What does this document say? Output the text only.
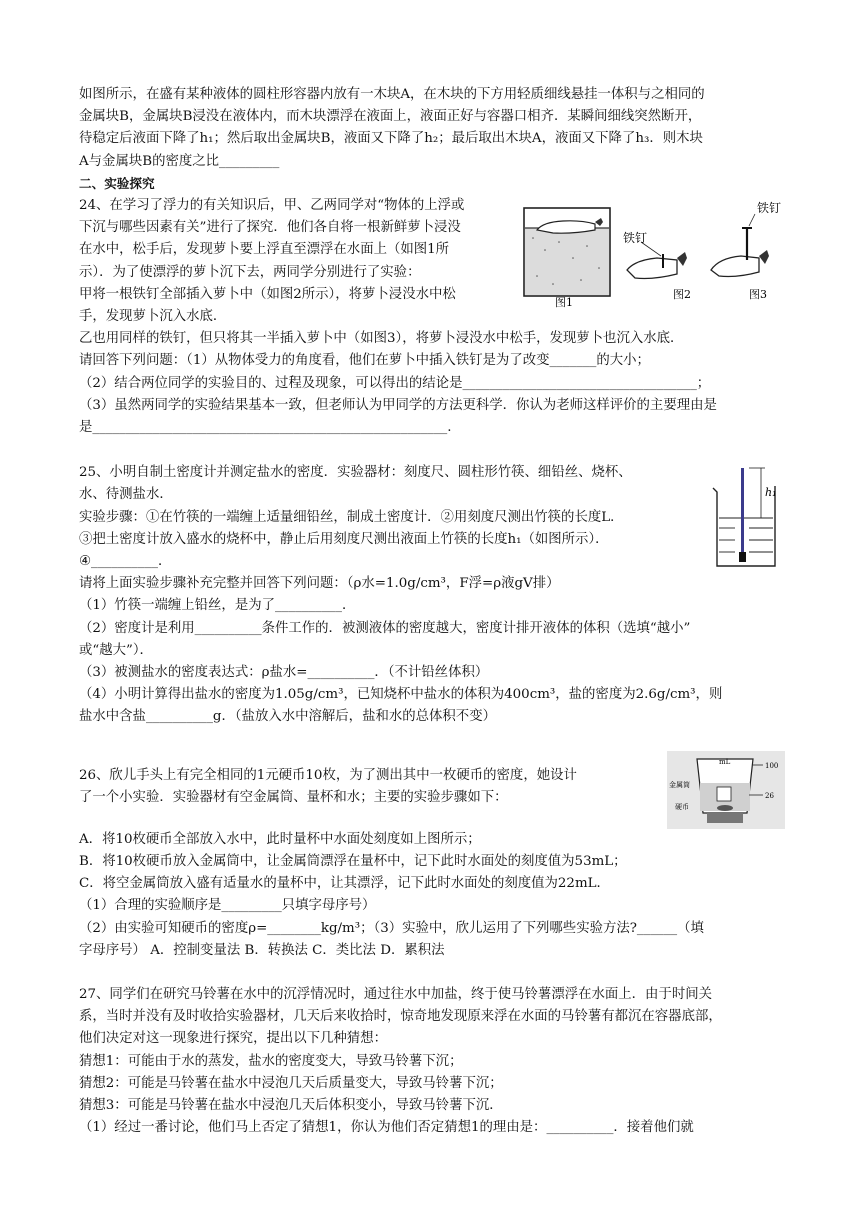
如图所示，在盛有某种液体的圆柱形容器内放有一木块A，在木块的下方用轻质细线悬挂一体积与之相同的

金属块B，金属块B浸没在液体内，而木块漂浮在液面上，液面正好与容器口相齐．某瞬间细线突然断开，

待稳定后液面下降了h₁；然后取出金属块B，液面又下降了h₂；最后取出木块A，液面又下降了h₃．则木块

A与金属块B的密度之比_________

二、实验探究

24、在学习了浮力的有关知识后，甲、乙两同学对“物体的上浮或

下沉与哪些因素有关”进行了探究．他们各自将一根新鲜萝卜浸没

在水中，松手后，发现萝卜要上浮直至漂浮在水面上（如图1所

示）．为了使漂浮的萝卜沉下去，两同学分别进行了实验：

甲将一根铁钉全部插入萝卜中（如图2所示），将萝卜浸没水中松

手，发现萝卜沉入水底．

铁钉
铁钉
图1
图2	图3

乙也用同样的铁钉，但只将其一半插入萝卜中（如图3），将萝卜浸没水中松手，发现萝卜也沉入水底．

请回答下列问题：（1）从物体受力的角度看，他们在萝卜中插入铁钉是为了改变_______的大小；

（2）结合两位同学的实验目的、过程及现象，可以得出的结论是___________________________________；

（3）虽然两同学的实验结果基本一致，但老师认为甲同学的方法更科学．你认为老师这样评价的主要理由是

是_____________________________________________________.

25、小明自制土密度计并测定盐水的密度．实验器材：刻度尺、圆柱形竹筷、细铅丝、烧杯、

水、待测盐水．

实验步骤：①在竹筷的一端缠上适量细铅丝，制成土密度计．②用刻度尺测出竹筷的长度L．

③把土密度计放入盛水的烧杯中，静止后用刻度尺测出液面上竹筷的长度h₁（如图所示）．

④__________．

h₁

请将上面实验步骤补充完整并回答下列问题：（ρ水=1.0g/cm³，F浮=ρ液gV排）

（1）竹筷一端缠上铅丝，是为了__________．

（2）密度计是利用__________条件工作的．被测液体的密度越大，密度计排开液体的体积（选填“越小”

或“越大”）．

（3）被测盐水的密度表达式：ρ盐水=__________．（不计铅丝体积）

（4）小明计算得出盐水的密度为1.05g/cm³，已知烧杯中盐水的体积为400cm³，盐的密度为2.6g/cm³，则

盐水中含盐__________g．（盐放入水中溶解后，盐和水的总体积不变）

26、欣儿手头上有完全相同的1元硬币10枚，为了测出其中一枚硬币的密度，她设计

了一个小实验．实验器材有空金属筒、量杯和水；主要的实验步骤如下：

mL	100
26
金属筒
硬币

A．将10枚硬币全部放入水中，此时量杯中水面处刻度如上图所示；

B．将10枚硬币放入金属筒中，让金属筒漂浮在量杯中，记下此时水面处的刻度值为53mL；

C．将空金属筒放入盛有适量水的量杯中，让其漂浮，记下此时水面处的刻度值为22mL．

（1）合理的实验顺序是_________只填字母序号）

（2）由实验可知硬币的密度ρ=________kg/m³；（3）实验中，欣儿运用了下列哪些实验方法?______（填

字母序号） A．控制变量法 B．转换法 C．类比法 D．累积法

27、同学们在研究马铃薯在水中的沉浮情况时，通过往水中加盐，终于使马铃薯漂浮在水面上．由于时间关

系，当时并没有及时收拾实验器材，几天后来收拾时，惊奇地发现原来浮在水面的马铃薯有都沉在容器底部，

他们决定对这一现象进行探究，提出以下几种猜想：

猜想1：可能由于水的蒸发，盐水的密度变大，导致马铃薯下沉；

猜想2：可能是马铃薯在盐水中浸泡几天后质量变大，导致马铃薯下沉；

猜想3：可能是马铃薯在盐水中浸泡几天后体积变小，导致马铃薯下沉．

（1）经过一番讨论，他们马上否定了猜想1，你认为他们否定猜想1的理由是：__________．接着他们就
